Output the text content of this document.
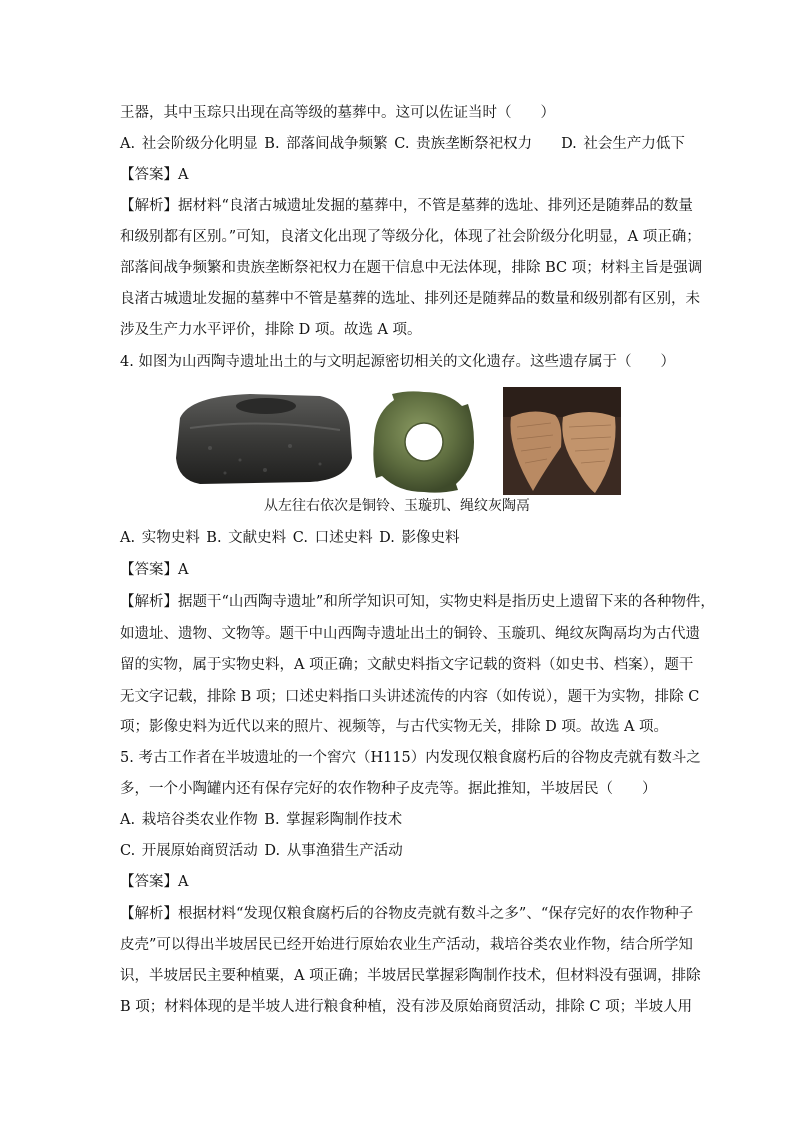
王器，其中玉琮只出现在高等级的墓葬中。这可以佐证当时（　　）
A. 社会阶级分化明显 B. 部落间战争频繁 C. 贵族垄断祭祀权力　　D. 社会生产力低下
【答案】A
【解析】据材料“良渚古城遗址发掘的墓葬中，不管是墓葬的选址、排列还是随葬品的数量
和级别都有区别。”可知，良渚文化出现了等级分化，体现了社会阶级分化明显，A 项正确；
部落间战争频繁和贵族垄断祭祀权力在题干信息中无法体现，排除 BC 项；材料主旨是强调
良渚古城遗址发掘的墓葬中不管是墓葬的选址、排列还是随葬品的数量和级别都有区别，未
涉及生产力水平评价，排除 D 项。故选 A 项。
4. 如图为山西陶寺遗址出土的与文明起源密切相关的文化遗存。这些遗存属于（　　）
从左往右依次是铜铃、玉璇玑、绳纹灰陶鬲
A. 实物史料 B. 文献史料 C. 口述史料 D. 影像史料
【答案】A
【解析】据题干“山西陶寺遗址”和所学知识可知，实物史料是指历史上遗留下来的各种物件，
如遗址、遗物、文物等。题干中山西陶寺遗址出土的铜铃、玉璇玑、绳纹灰陶鬲均为古代遗
留的实物，属于实物史料，A 项正确；文献史料指文字记载的资料（如史书、档案），题干
无文字记载，排除 B 项；口述史料指口头讲述流传的内容（如传说），题干为实物，排除 C
项；影像史料为近代以来的照片、视频等，与古代实物无关，排除 D 项。故选 A 项。
5. 考古工作者在半坡遗址的一个窖穴（H115）内发现仅粮食腐朽后的谷物皮壳就有数斗之
多，一个小陶罐内还有保存完好的农作物种子皮壳等。据此推知，半坡居民（　　）
A. 栽培谷类农业作物 B. 掌握彩陶制作技术
C. 开展原始商贸活动 D. 从事渔猎生产活动
【答案】A
【解析】根据材料“发现仅粮食腐朽后的谷物皮壳就有数斗之多”、“保存完好的农作物种子
皮壳”可以得出半坡居民已经开始进行原始农业生产活动，栽培谷类农业作物，结合所学知
识，半坡居民主要种植粟，A 项正确；半坡居民掌握彩陶制作技术，但材料没有强调，排除
B 项；材料体现的是半坡人进行粮食种植，没有涉及原始商贸活动，排除 C 项；半坡人用
